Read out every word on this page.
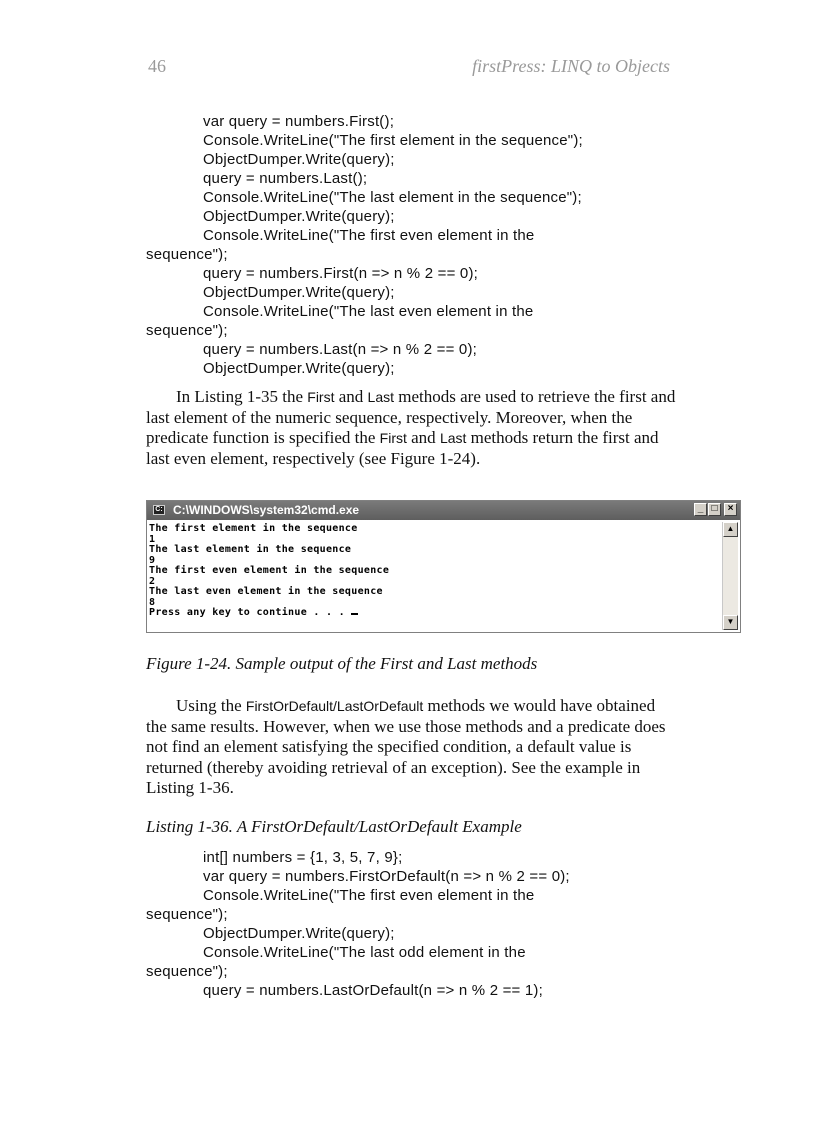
46	firstPress: LINQ to Objects
var query = numbers.First();
Console.WriteLine("The first element in the sequence");
ObjectDumper.Write(query);
query = numbers.Last();
Console.WriteLine("The last element in the sequence");
ObjectDumper.Write(query);
Console.WriteLine("The first even element in the
sequence");
query = numbers.First(n => n % 2 == 0);
ObjectDumper.Write(query);
Console.WriteLine("The last even element in the
sequence");
query = numbers.Last(n => n % 2 == 0);
ObjectDumper.Write(query);
In Listing 1-35 the First and Last methods are used to retrieve the first and last element of the numeric sequence, respectively. Moreover, when the predicate function is specified the First and Last methods return the first and last even element, respectively (see Figure 1-24).
C: C:\WINDOWS\system32\cmd.exe	_ □	×
The first element in the sequence
1
The last element in the sequence
9
The first even element in the sequence
2
The last even element in the sequence
8
Press any key to continue . . .
▲
▼
Figure 1-24. Sample output of the First and Last methods
Using the FirstOrDefault/LastOrDefault methods we would have obtained the same results. However, when we use those methods and a predicate does not find an element satisfying the specified condition, a default value is returned (thereby avoiding retrieval of an exception). See the example in Listing 1-36.
Listing 1-36. A FirstOrDefault/LastOrDefault Example
int[] numbers = {1, 3, 5, 7, 9};
var query = numbers.FirstOrDefault(n => n % 2 == 0);
Console.WriteLine("The first even element in the
sequence");
ObjectDumper.Write(query);
Console.WriteLine("The last odd element in the
sequence");
query = numbers.LastOrDefault(n => n % 2 == 1);
